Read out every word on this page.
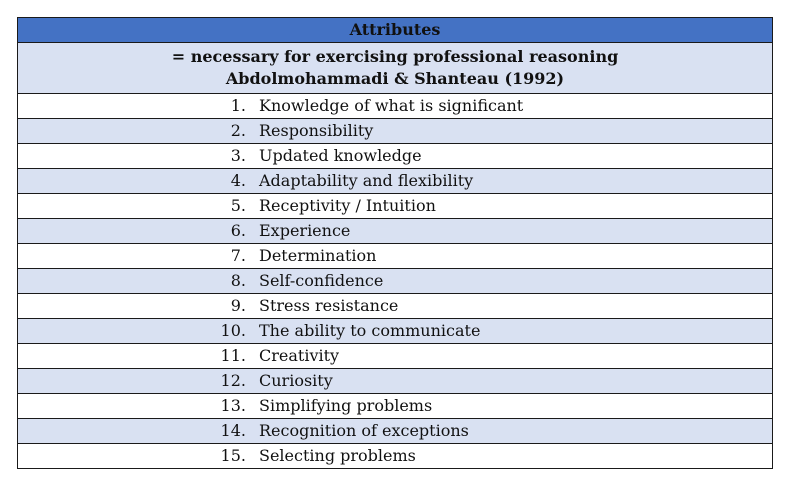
Attributes

= necessary for exercising professional reasoning
Abdolmohammadi & Shanteau (1992)

1. Knowledge of what is significant
2. Responsibility
3. Updated knowledge
4. Adaptability and flexibility
5. Receptivity / Intuition
6. Experience
7. Determination
8. Self-confidence
9. Stress resistance
10. The ability to communicate
11. Creativity
12. Curiosity
13. Simplifying problems
14. Recognition of exceptions
15. Selecting problems
